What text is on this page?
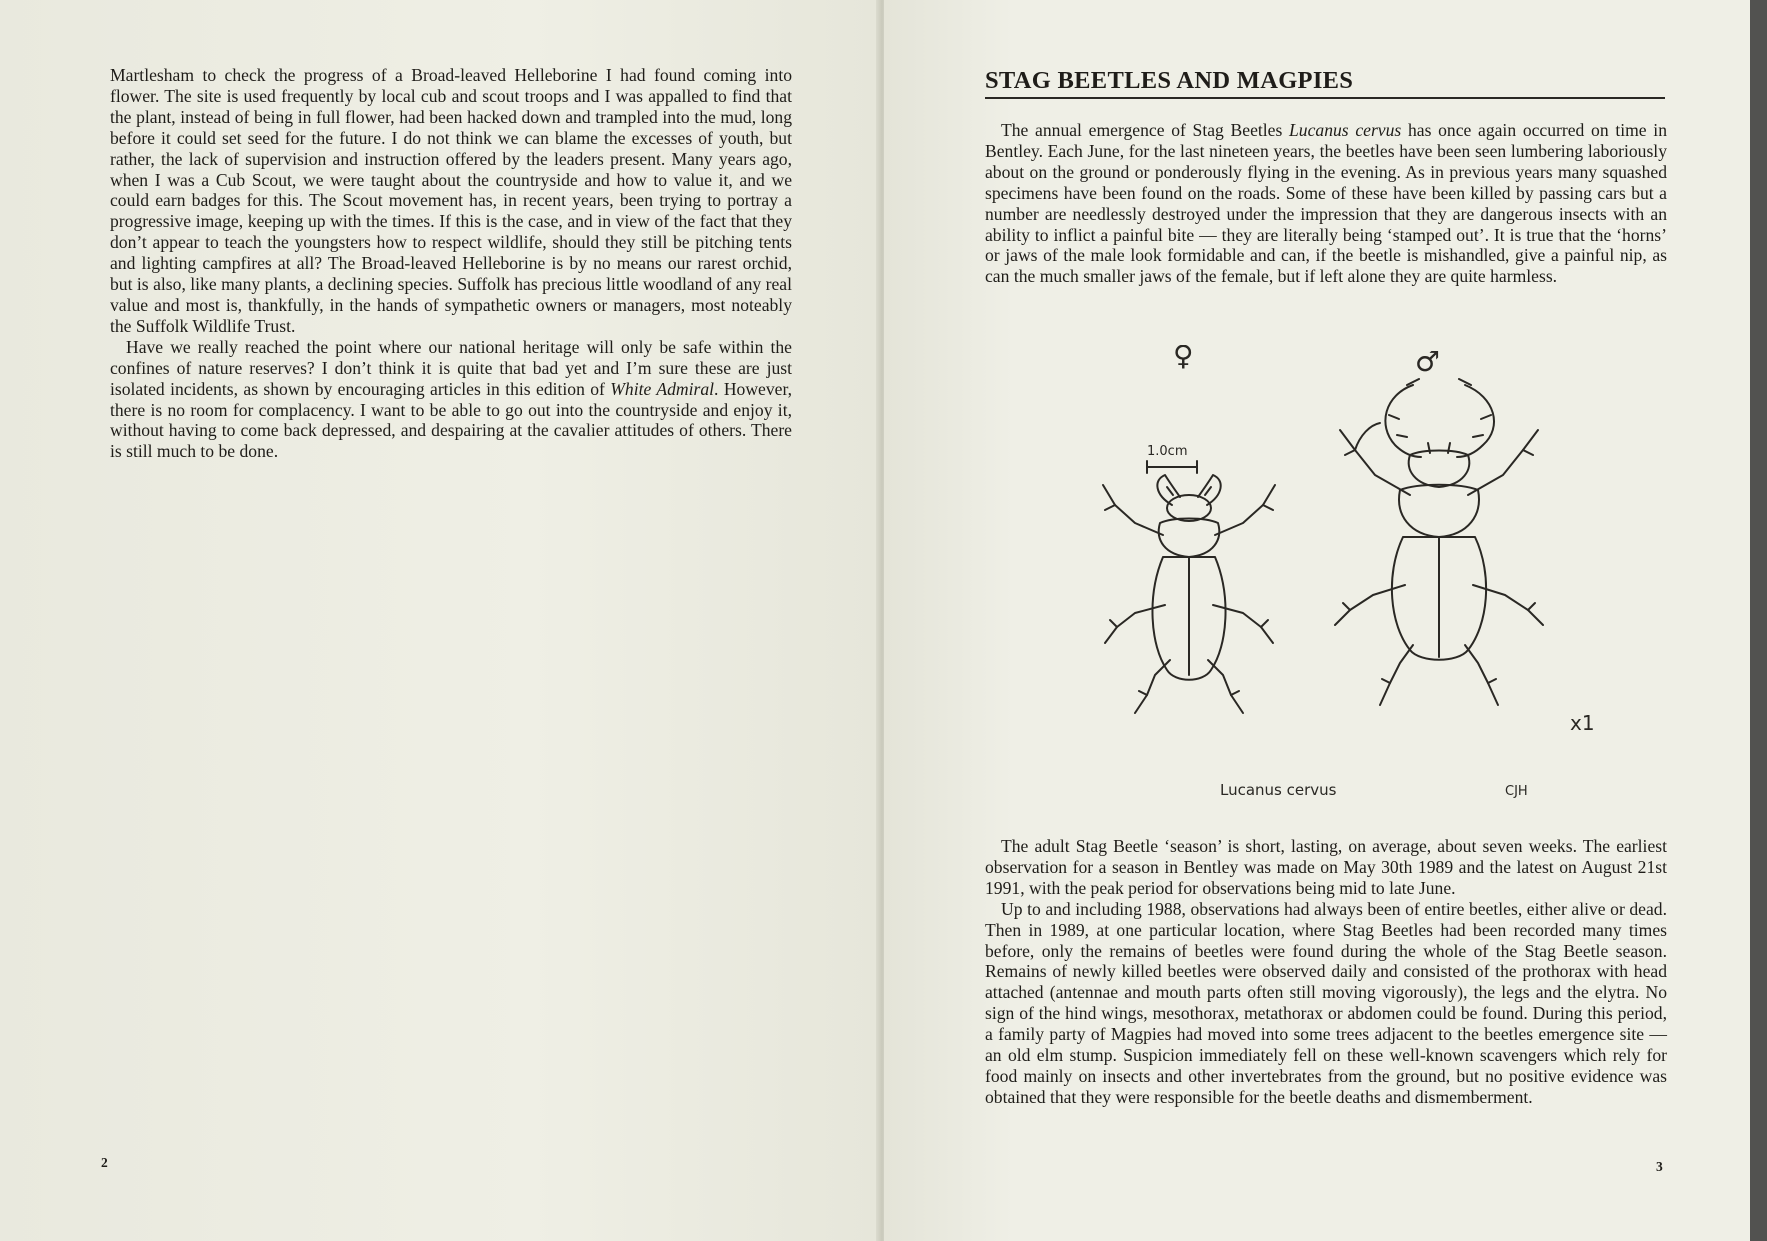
Martlesham to check the progress of a Broad-leaved Helleborine I had found coming into flower. The site is used frequently by local cub and scout troops and I was appalled to find that the plant, instead of being in full flower, had been hacked down and trampled into the mud, long before it could set seed for the future. I do not think we can blame the excesses of youth, but rather, the lack of supervision and instruction offered by the leaders present. Many years ago, when I was a Cub Scout, we were taught about the countryside and how to value it, and we could earn badges for this. The Scout movement has, in recent years, been trying to portray a progressive image, keeping up with the times. If this is the case, and in view of the fact that they don’t appear to teach the youngsters how to respect wildlife, should they still be pitching tents and lighting campfires at all? The Broad-leaved Helleborine is by no means our rarest orchid, but is also, like many plants, a declining species. Suffolk has precious little woodland of any real value and most is, thankfully, in the hands of sympathetic owners or managers, most noteably the Suffolk Wildlife Trust.

Have we really reached the point where our national heritage will only be safe within the confines of nature reserves? I don’t think it is quite that bad yet and I’m sure these are just isolated incidents, as shown by encouraging articles in this edition of White Admiral. However, there is no room for complacency. I want to be able to go out into the countryside and enjoy it, without having to come back depressed, and despairing at the cavalier attitudes of others. There is still much to be done.

2
STAG BEETLES AND MAGPIES

The annual emergence of Stag Beetles Lucanus cervus has once again occurred on time in Bentley. Each June, for the last nineteen years, the beetles have been seen lumbering laboriously about on the ground or ponderously flying in the evening. As in previous years many squashed specimens have been found on the roads. Some of these have been killed by passing cars but a number are needlessly destroyed under the impression that they are dangerous insects with an ability to inflict a painful bite — they are literally being ‘stamped out’. It is true that the ‘horns’ or jaws of the male look formidable and can, if the beetle is mishandled, give a painful nip, as can the much smaller jaws of the female, but if left alone they are quite harmless.

1.0cm
♀	♂
x1
Lucanus cervus	CJH

The adult Stag Beetle ‘season’ is short, lasting, on average, about seven weeks. The earliest observation for a season in Bentley was made on May 30th 1989 and the latest on August 21st 1991, with the peak period for observations being mid to late June.

Up to and including 1988, observations had always been of entire beetles, either alive or dead. Then in 1989, at one particular location, where Stag Beetles had been recorded many times before, only the remains of beetles were found during the whole of the Stag Beetle season. Remains of newly killed beetles were observed daily and consisted of the prothorax with head attached (antennae and mouth parts often still moving vigorously), the legs and the elytra. No sign of the hind wings, mesothorax, metathorax or abdomen could be found. During this period, a family party of Magpies had moved into some trees adjacent to the beetles emergence site — an old elm stump. Suspicion immediately fell on these well-known scavengers which rely for food mainly on insects and other invertebrates from the ground, but no positive evidence was obtained that they were responsible for the beetle deaths and dismemberment.

3
